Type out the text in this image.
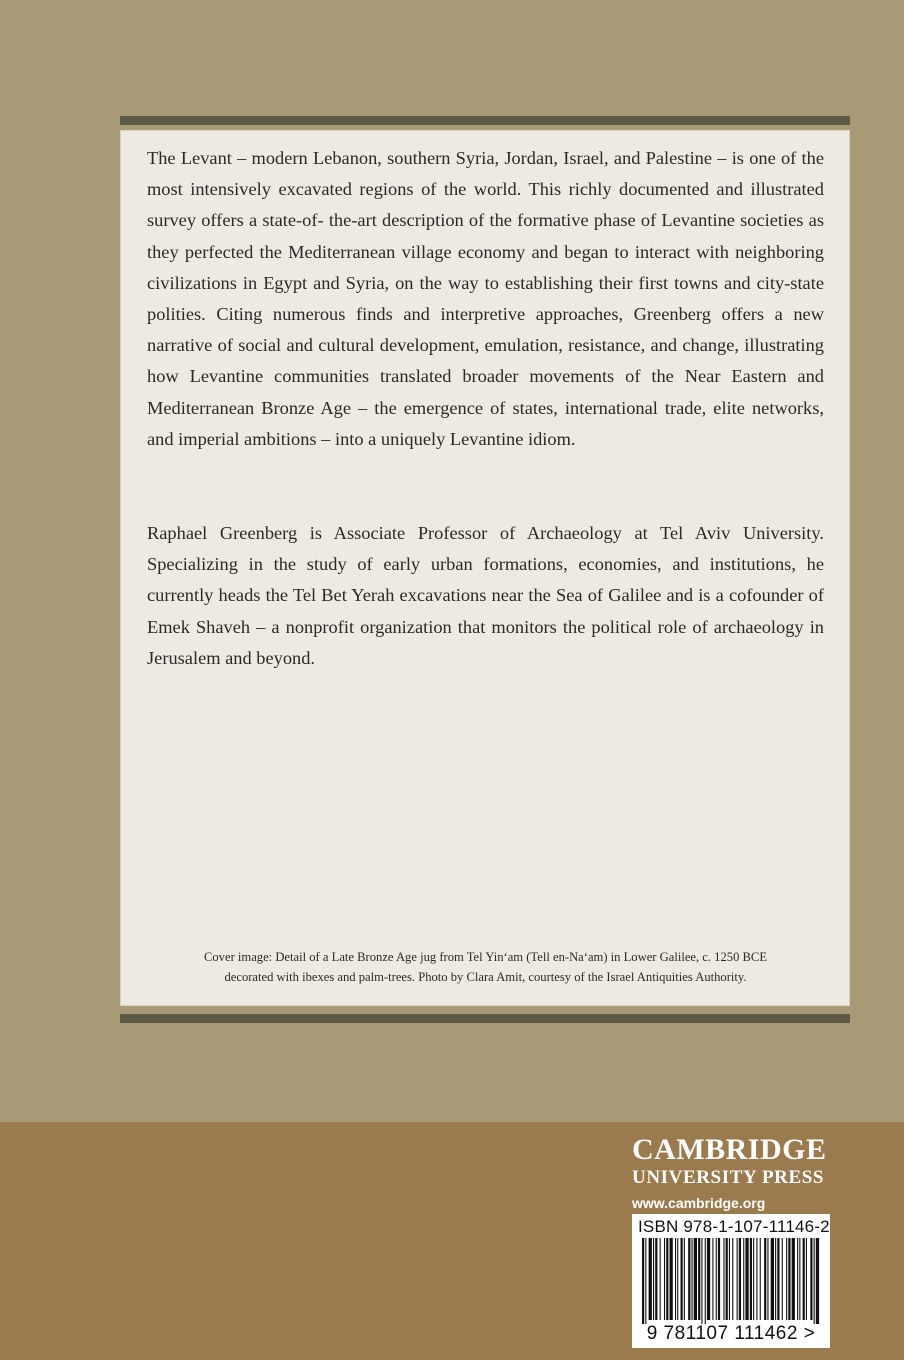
The Levant – modern Lebanon, southern Syria, Jordan, Israel, and Palestine – is one of the most intensively excavated regions of the world. This richly documented and illustrated survey offers a state-of- the-art description of the formative phase of Levantine societies as they perfected the Mediterranean village economy and began to interact with neighboring civilizations in Egypt and Syria, on the way to establishing their first towns and city-state polities. Citing numerous finds and interpretive approaches, Greenberg offers a new narrative of social and cultural development, emulation, resistance, and change, illustrating how Levantine communities translated broader movements of the Near Eastern and Mediterranean Bronze Age – the emergence of states, international trade, elite networks, and imperial ambitions – into a uniquely Levantine idiom.

Raphael Greenberg is Associate Professor of Archaeology at Tel Aviv University. Specializing in the study of early urban formations, economies, and institutions, he currently heads the Tel Bet Yerah excavations near the Sea of Galilee and is a cofounder of Emek Shaveh – a nonprofit organization that monitors the political role of archaeology in Jerusalem and beyond.

Cover image: Detail of a Late Bronze Age jug from Tel Yin‘am (Tell en-Na‘am) in Lower Galilee, c. 1250 BCE
decorated with ibexes and palm-trees. Photo by Clara Amit, courtesy of the Israel Antiquities Authority.
CAMBRIDGE
UNIVERSITY PRESS
www.cambridge.org
ISBN 978-1-107-11146-2
9 781107 111462 >
